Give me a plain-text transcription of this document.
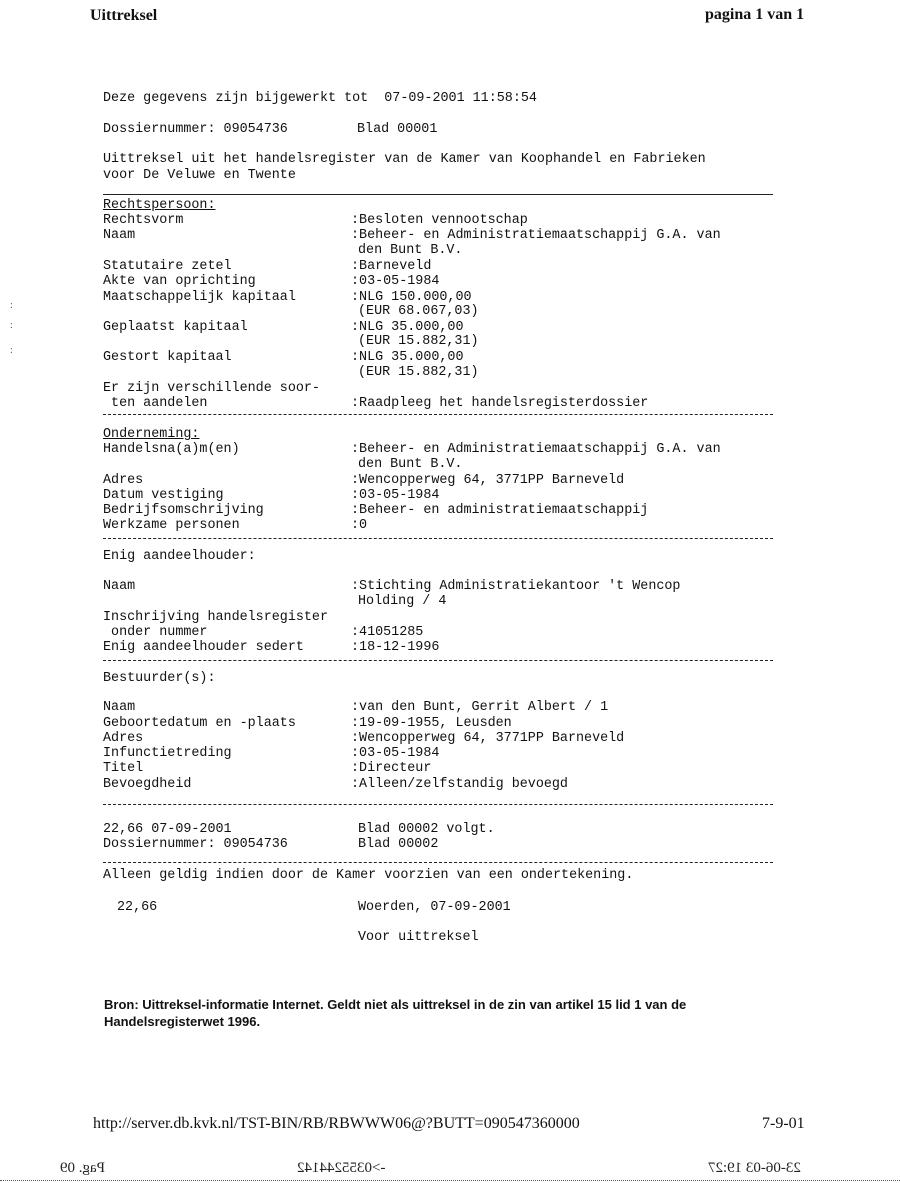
Uittreksel	pagina 1 van 1
:
:
:
Deze gegevens zijn bijgewerkt tot  07-09-2001 11:58:54
Dossiernummer: 09054736	Blad 00001
Uittreksel uit het handelsregister van de Kamer van Koophandel en Fabrieken
voor De Veluwe en Twente
Rechtspersoon:
Rechtsvorm	:Besloten vennootschap
Naam	:Beheer- en Administratiemaatschappij G.A. van
den Bunt B.V.
Statutaire zetel	:Barneveld
Akte van oprichting	:03-05-1984
Maatschappelijk kapitaal	:NLG 150.000,00
(EUR 68.067,03)
Geplaatst kapitaal	:NLG 35.000,00
(EUR 15.882,31)
Gestort kapitaal	:NLG 35.000,00
(EUR 15.882,31)
Er zijn verschillende soor-
ten aandelen	:Raadpleeg het handelsregisterdossier
Onderneming:
Handelsna(a)m(en)	:Beheer- en Administratiemaatschappij G.A. van
den Bunt B.V.
Adres	:Wencopperweg 64, 3771PP Barneveld
Datum vestiging	:03-05-1984
Bedrijfsomschrijving	:Beheer- en administratiemaatschappij
Werkzame personen	:0
Enig aandeelhouder:
Naam	:Stichting Administratiekantoor 't Wencop
Holding / 4
Inschrijving handelsregister
onder nummer	:41051285
Enig aandeelhouder sedert	:18-12-1996
Bestuurder(s):
Naam	:van den Bunt, Gerrit Albert / 1
Geboortedatum en -plaats	:19-09-1955, Leusden
Adres	:Wencopperweg 64, 3771PP Barneveld
Infunctietreding	:03-05-1984
Titel	:Directeur
Bevoegdheid	:Alleen/zelfstandig bevoegd
22,66 07-09-2001	Blad 00002 volgt.
Dossiernummer: 09054736	Blad 00002
Alleen geldig indien door de Kamer voorzien van een ondertekening.
22,66	Woerden, 07-09-2001
Voor uittreksel
Bron: Uittreksel-informatie Internet. Geldt niet als uittreksel in de zin van artikel 15 lid 1 van de Handelsregisterwet 1996.
http://server.db.kvk.nl/TST-BIN/RB/RBWWW06@?BUTT=090547360000	7-9-01
Pag. 09	->0355244142	23-06-03 19:27
